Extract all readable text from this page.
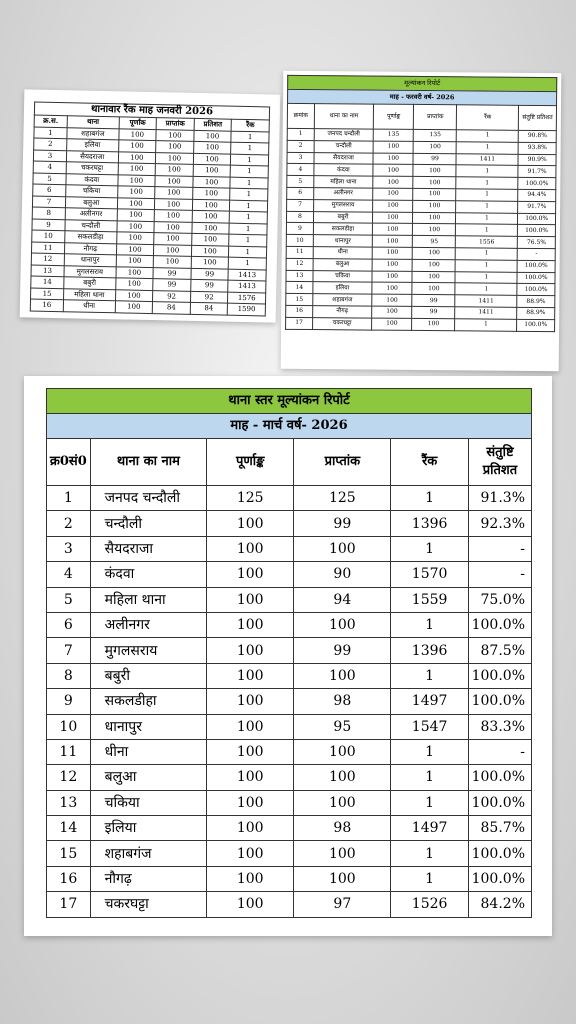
थानावार रैंक माह जनवरी 2026
क्र.स.	थाना	पूर्णांक	प्राप्तांक	प्रतिशत	रैंक
1	शहाबगंज	100	100	100	1
2	इलिया	100	100	100	1
3	सैयदराजा	100	100	100	1
4	चकरघट्टा	100	100	100	1
5	कंदवा	100	100	100	1
6	चकिया	100	100	100	1
7	बलुआ	100	100	100	1
8	अलीनगर	100	100	100	1
9	चन्दौली	100	100	100	1
10	सकलडीहा	100	100	100	1
11	नौगढ़	100	100	100	1
12	धानापुर	100	100	100	1
13	मुगलसराय	100	99	99	1413
14	बबुरी	100	99	99	1413
15	महिला थाना	100	92	92	1576
16	धीना	100	84	84	1590
मूल्यांकन रिपोर्ट
माह - फरवरी वर्ष- 2026
क्रमांक	थाना का नाम	पूर्णाङ्क	प्राप्तांक	रैंक	संतुष्टि प्रतिशत
1	जनपद चन्दौली	135	135	1	90.8%
2	चन्दौली	100	100	1	93.8%
3	सैयदराजा	100	99	1411	90.9%
4	कंदवा	100	100	1	91.7%
5	महिला थाना	100	100	1	100.0%
6	अलीनगर	100	100	1	94.4%
7	मुगलसराय	100	100	1	91.7%
8	बबुरी	100	100	1	100.0%
9	सकलडीहा	100	100	1	100.0%
10	धानापुर	100	95	1556	76.5%
11	धीना	100	100	1	-
12	बलुआ	100	100	1	100.0%
13	चकिया	100	100	1	100.0%
14	इलिया	100	100	1	100.0%
15	शहाबगंज	100	99	1411	88.9%
16	नौगढ़	100	99	1411	88.9%
17	चकरघट्टा	100	100	1	100.0%
थाना स्तर मूल्यांकन रिपोर्ट
माह - मार्च वर्ष- 2026
क्र0सं0	थाना का नाम	पूर्णाङ्क	प्राप्तांक	रैंक	संतुष्टि प्रतिशत
1	जनपद चन्दौली	125	125	1	91.3%
2	चन्दौली	100	99	1396	92.3%
3	सैयदराजा	100	100	1	-
4	कंदवा	100	90	1570	-
5	महिला थाना	100	94	1559	75.0%
6	अलीनगर	100	100	1	100.0%
7	मुगलसराय	100	99	1396	87.5%
8	बबुरी	100	100	1	100.0%
9	सकलडीहा	100	98	1497	100.0%
10	धानापुर	100	95	1547	83.3%
11	धीना	100	100	1	-
12	बलुआ	100	100	1	100.0%
13	चकिया	100	100	1	100.0%
14	इलिया	100	98	1497	85.7%
15	शहाबगंज	100	100	1	100.0%
16	नौगढ़	100	100	1	100.0%
17	चकरघट्टा	100	97	1526	84.2%
